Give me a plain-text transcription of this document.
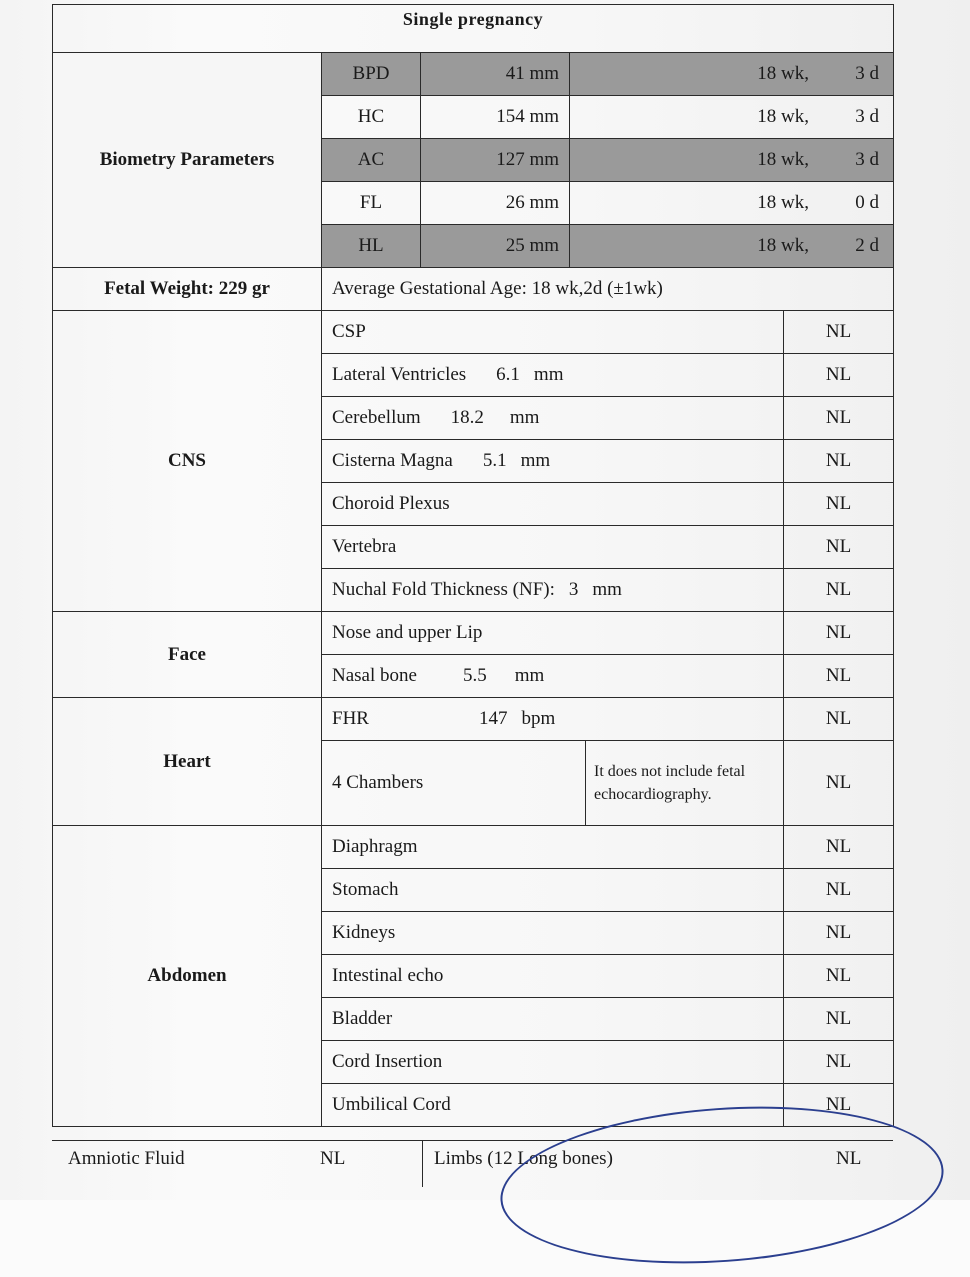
Single pregnancy					
Biometry Parameters	BPD	41 mm	18 wk, 3 d		
	HC	154 mm	18 wk, 3 d		
	AC	127 mm	18 wk, 3 d		
	FL	26 mm	18 wk, 0 d		
	HL	25 mm	18 wk, 2 d		
Fetal Weight: 229 gr	Average Gestational Age: 18 wk,2d (±1wk)				
CNS	CSP				NL
	Lateral Ventricles 6.1 mm				NL
	Cerebellum 18.2 mm				NL
	Cisterna Magna 5.1 mm				NL
	Choroid Plexus				NL
	Vertebra				NL
	Nuchal Fold Thickness (NF): 3 mm				NL
Face	Nose and upper Lip				NL
	Nasal bone 5.5 mm				NL
Heart	FHR 147 bpm				NL
	4 Chambers			It does not include fetal echocardiography.	NL
Abdomen	Diaphragm				NL
	Stomach				NL
	Kidneys				NL
	Intestinal echo				NL
	Bladder				NL
	Cord Insertion				NL
	Umbilical Cord				NL
Amniotic Fluid	NL	Limbs (12 Long bones)	NL
